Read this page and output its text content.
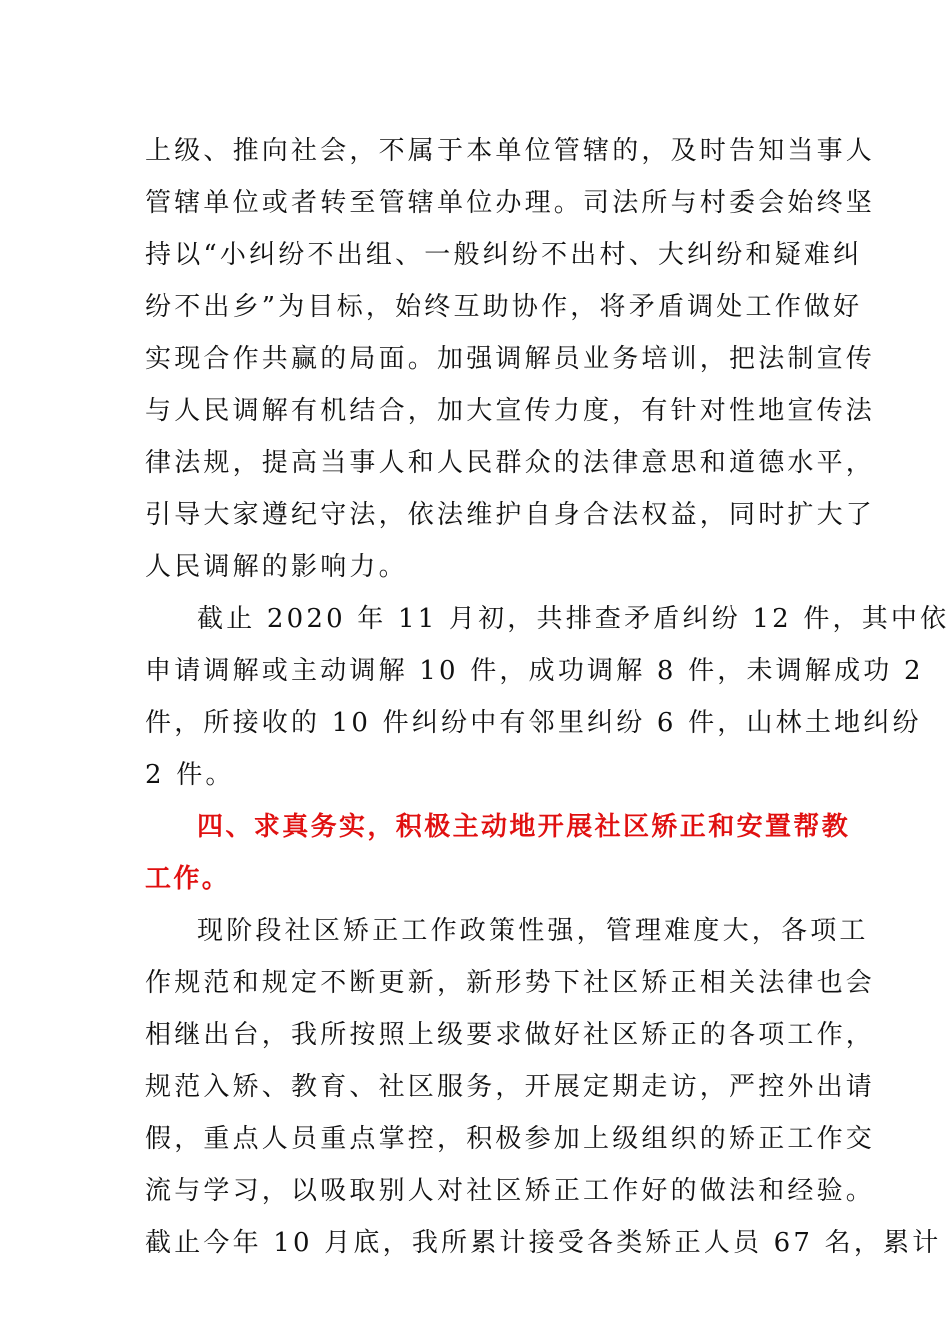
上级、推向社会，不属于本单位管辖的，及时告知当事人
管辖单位或者转至管辖单位办理。司法所与村委会始终坚
持以“小纠纷不出组、一般纠纷不出村、大纠纷和疑难纠
纷不出乡”为目标，始终互助协作，将矛盾调处工作做好
实现合作共赢的局面。加强调解员业务培训，把法制宣传
与人民调解有机结合，加大宣传力度，有针对性地宣传法
律法规，提高当事人和人民群众的法律意思和道德水平，
引导大家遵纪守法，依法维护自身合法权益，同时扩大了
人民调解的影响力。
截止 2020 年 11 月初，共排查矛盾纠纷 12 件，其中依
申请调解或主动调解 10 件，成功调解 8 件，未调解成功 2
件，所接收的 10 件纠纷中有邻里纠纷 6 件，山林土地纠纷
2 件。
四、求真务实，积极主动地开展社区矫正和安置帮教
工作。
现阶段社区矫正工作政策性强，管理难度大，各项工
作规范和规定不断更新，新形势下社区矫正相关法律也会
相继出台，我所按照上级要求做好社区矫正的各项工作，
规范入矫、教育、社区服务，开展定期走访，严控外出请
假，重点人员重点掌控，积极参加上级组织的矫正工作交
流与学习，以吸取别人对社区矫正工作好的做法和经验。
截止今年 10 月底，我所累计接受各类矫正人员 67 名，累计
